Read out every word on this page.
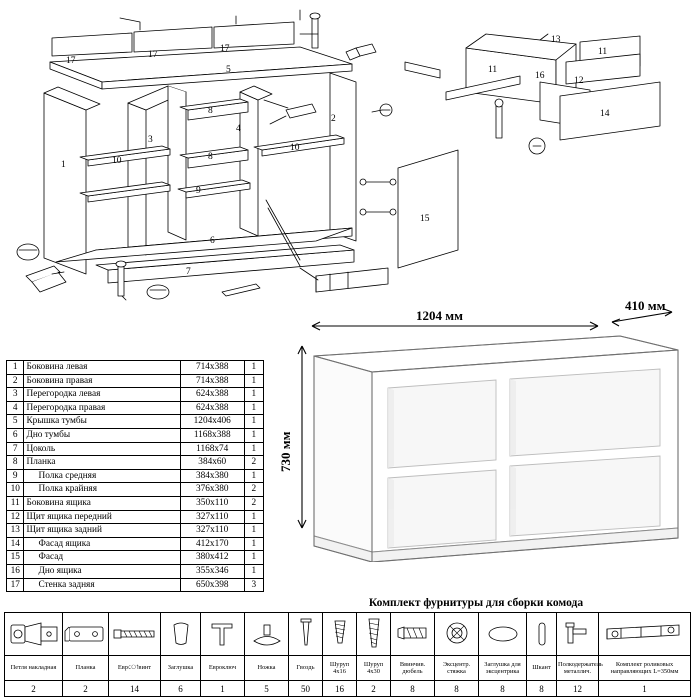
17
17
17
5
1
3
10
8
4
2
10
8
9
6
7
15
11
13
11
16	12
14
1	Боковина левая	714х388	1
2	Боковина правая	714х388	1
3	Перегородка левая	624х388	1
4	Перегородка правая	624х388	1
5	Крышка тумбы	1204х406	1
6	Дно тумбы	1168х388	1
7	Цоколь	1168х74	1
8	Планка	384х60	2
9	Полка средняя	384х380	1
10	Полка крайняя	376х380	2
11	Боковина ящика	350х110	2
12	Щит ящика передний	327х110	1
13	Щит ящика задний	327х110	1
14	Фасад ящика	412х170	1
15	Фасад	380х412	1
16	Дно ящика	355х346	1
17	Стенка задняя	650х398	3
1204 мм
410 мм
730 мм
Комплект фурнитуры для сборки комода

Петля накладная	Планка	Еврোвинт	Заглушка	Евроключ	Ножка	Гвоздь	Шуруп 4х16	Шуруп 4х30	Ввинчив. дюбель	Эксцентр. стяжка	Заглушка для эксцентрика	Шкант	Полкодержатель металлич.	Комплект роликовых направляющих L=350мм
2	2	14	6	1	5	50	16	2	8	8	8	8	12	1
